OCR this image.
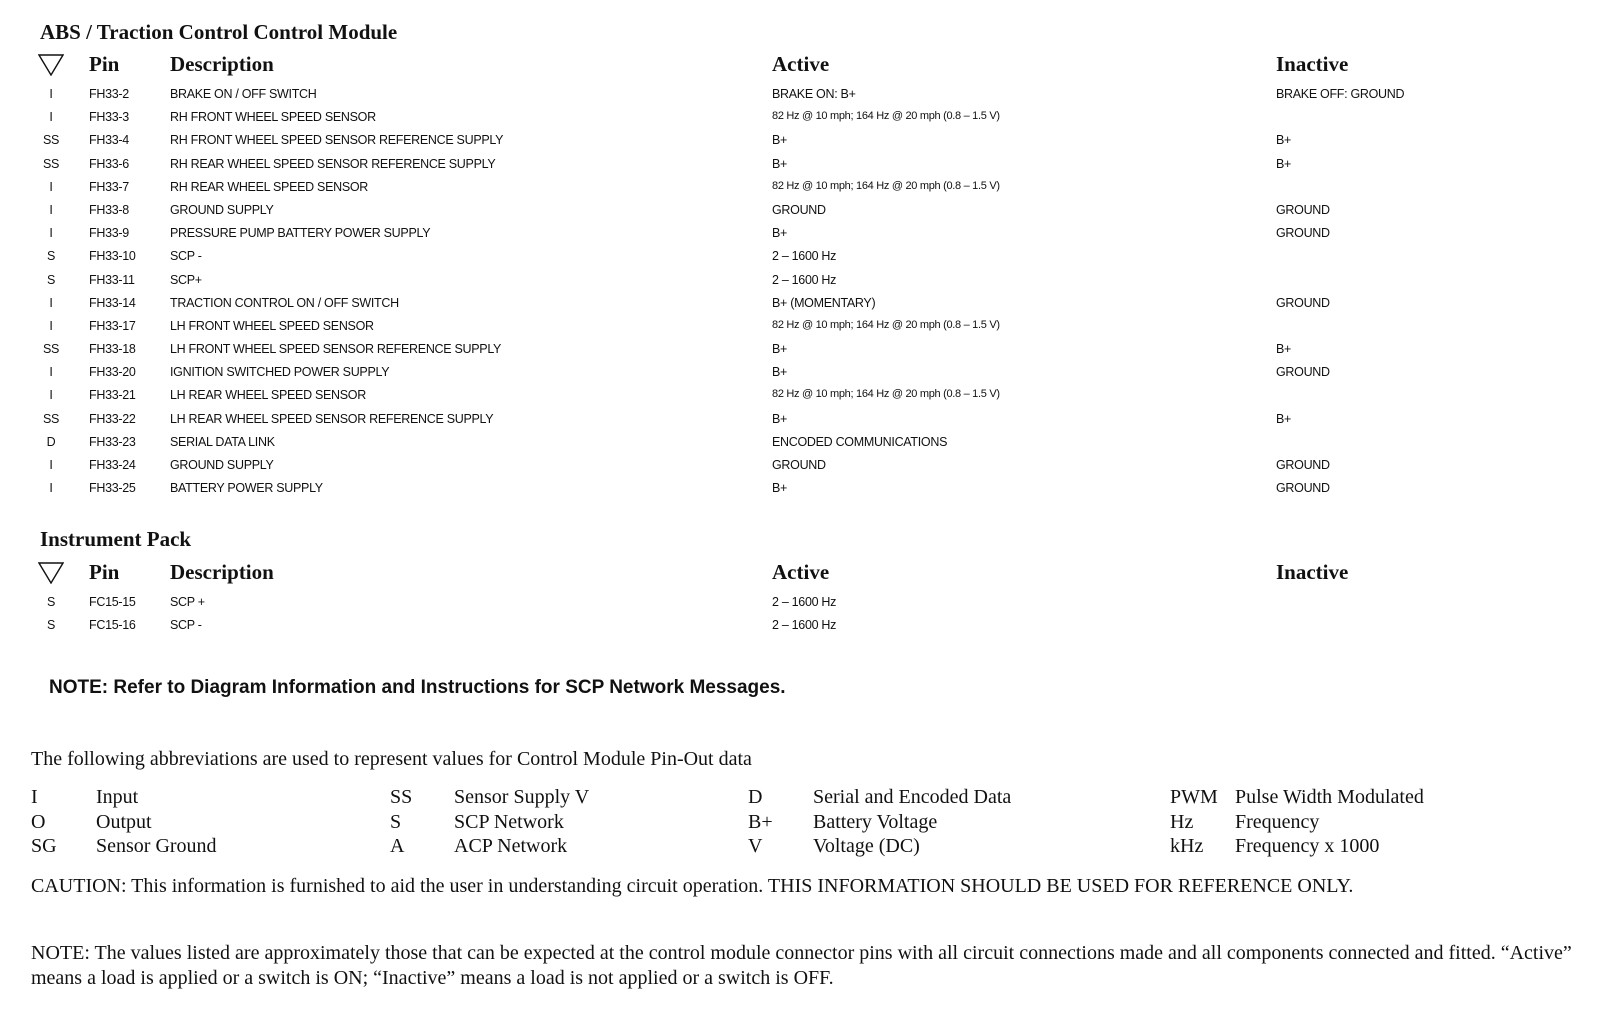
ABS / Traction Control Control Module
Pin Description	Active	Inactive
I	FH33-2	BRAKE ON / OFF SWITCH	BRAKE ON: B+	BRAKE OFF: GROUND
I	FH33-3	RH FRONT WHEEL SPEED SENSOR	82 Hz @ 10 mph; 164 Hz @ 20 mph (0.8 – 1.5 V)
SS FH33-4	RH FRONT WHEEL SPEED SENSOR REFERENCE SUPPLY	B+	B+
SS FH33-6	RH REAR WHEEL SPEED SENSOR REFERENCE SUPPLY	B+	B+
I	FH33-7	RH REAR WHEEL SPEED SENSOR	82 Hz @ 10 mph; 164 Hz @ 20 mph (0.8 – 1.5 V)
I	FH33-8	GROUND SUPPLY	GROUND	GROUND
I	FH33-9	PRESSURE PUMP BATTERY POWER SUPPLY	B+	GROUND
S	FH33-10	SCP -	2 – 1600 Hz
S	FH33-11	SCP+	2 – 1600 Hz
I	FH33-14	TRACTION CONTROL ON / OFF SWITCH	B+ (MOMENTARY)	GROUND
I	FH33-17	LH FRONT WHEEL SPEED SENSOR	82 Hz @ 10 mph; 164 Hz @ 20 mph (0.8 – 1.5 V)
SS FH33-18	LH FRONT WHEEL SPEED SENSOR REFERENCE SUPPLY	B+	B+
I	FH33-20	IGNITION SWITCHED POWER SUPPLY	B+	GROUND
I	FH33-21	LH REAR WHEEL SPEED SENSOR	82 Hz @ 10 mph; 164 Hz @ 20 mph (0.8 – 1.5 V)
SS FH33-22	LH REAR WHEEL SPEED SENSOR REFERENCE SUPPLY	B+	B+
D	FH33-23	SERIAL DATA LINK	ENCODED COMMUNICATIONS
I	FH33-24	GROUND SUPPLY	GROUND	GROUND
I	FH33-25	BATTERY POWER SUPPLY	B+	GROUND
Instrument Pack
Pin Description	Active	Inactive
S	FC15-15	SCP +	2 – 1600 Hz
S	FC15-16	SCP -	2 – 1600 Hz
NOTE: Refer to Diagram Information and Instructions for SCP Network Messages.
The following abbreviations are used to represent values for Control Module Pin-Out data
I	Input	SS Sensor Supply V	D	Serial and Encoded Data	PWM Pulse Width Modulated
O	Output	S	SCP Network	B+ Battery Voltage	Hz Frequency
SG Sensor Ground	A ACP Network	V	Voltage (DC)	kHz Frequency x 1000
CAUTION: This information is furnished to aid the user in understanding circuit operation. THIS INFORMATION SHOULD BE USED FOR REFERENCE ONLY.
NOTE: The values listed are approximately those that can be expected at the control module connector pins with all circuit connections made and all components connected and fitted. “Active” means a load is applied or a switch is ON; “Inactive” means a load is not applied or a switch is OFF.
